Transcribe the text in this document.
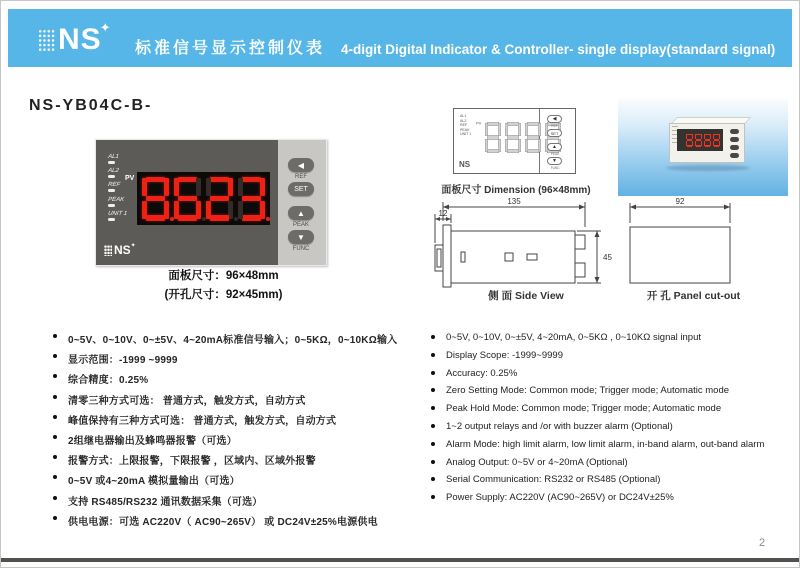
NS
✦
标准信号显示控制仪表 4-digit Digital Indicator & Controller- single display(standard signal)
NS-YB04C-B-
AL1
AL2
REF
PEAK
UNIT 1
PV
NS ✦
◀
REF
SET
▲
PEAK
▼
FUNC
面板尺寸：96×48mm
(开孔尺寸：92×45mm)
AL1
AL2
REF
PEAK
UNIT 1
PV
NS
◀
REF
SET
▲
PEAK
▼
FUNC
面板尺寸 Dimension (96×48mm)
135
12
45
侧 面 Side View
92
开 孔 Panel cut-out
0~5V、0~10V、0~±5V、4~20mA标准信号输入；0~5KΩ，0~10KΩ输入
显示范围：-1999 ~9999
综合精度：0.25%
清零三种方式可选： 普通方式，触发方式，自动方式
峰值保持有三种方式可选： 普通方式，触发方式，自动方式
2组继电器输出及蜂鸣器报警（可选）
报警方式：上限报警，下限报警 ，区域内、区域外报警
0~5V 或4~20mA 模拟量输出（可选）
支持 RS485/RS232 通讯数据采集（可选）
供电电源：可选 AC220V（ AC90~265V） 或 DC24V±25%电源供电
0~5V, 0~10V, 0~±5V, 4~20mA, 0~5KΩ , 0~10KΩ signal input
Display Scope: -1999~9999
Accuracy: 0.25%
Zero Setting Mode: Common mode; Trigger mode; Automatic mode
Peak Hold Mode: Common mode; Trigger mode; Automatic mode
1~2 output relays and /or with buzzer alarm (Optional)
Alarm Mode: high limit alarm, low limit alarm, in-band alarm, out-band alarm
Analog Output: 0~5V or 4~20mA (Optional)
Serial Communication: RS232 or RS485 (Optional)
Power Supply: AC220V (AC90~265V) or DC24V±25%
2
